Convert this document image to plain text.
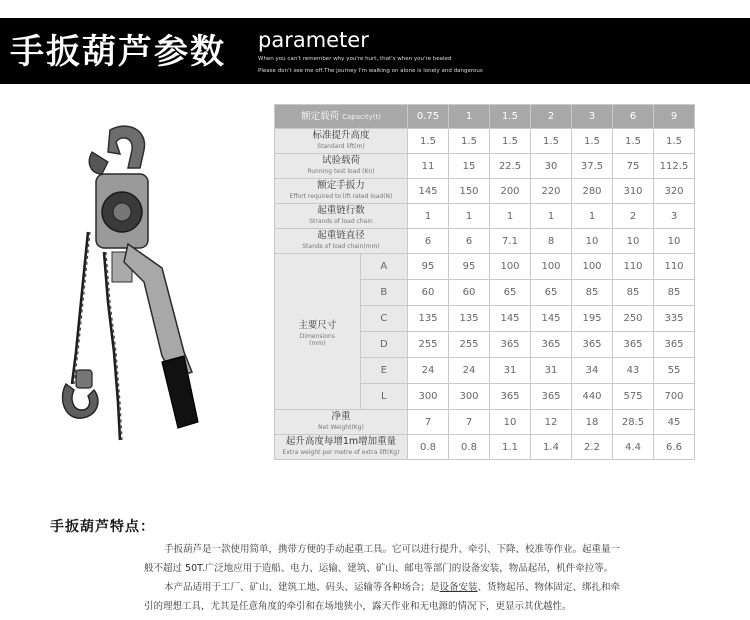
手扳葫芦参数 parameter
When you can't remember why you're hurt, that's when you're healed
Please don't see me off.The journey I'm walking on alone is lonely and dangerous
额定载荷 Capacity(t)		0.75	1	1.5	2	3	6	9

标准提升高度
Standard lift(m)		1.5	1.5	1.5	1.5	1.5	1.5	1.5

试验载荷
Running test load (Kn)		11	15	22.5	30	37.5	75	112.5

额定手扳力
Effort required to lift rated load(N)		145	150	200	220	280	310	320

起重链行数
Strands of load chain		1	1	1	1	1	2	3

起重链直径
Stands of load chain(mm)		6	6	7.1	8	10	10	10

主要尺寸
Dimensions
(mm)	A	95	95	100	100	100	110	110
	B	60	60	65	65	85	85	85
	C	135	135	145	145	195	250	335
	D	255	255	365	365	365	365	365
	E	24	24	31	31	34	43	55
	L	300	300	365	365	440	575	700

净重
Net Weight(Kg)		7	7	10	12	18	28.5	45

起升高度每增1m增加重量
Extra weight per metre of extra lift(Kg)		0.8	0.8	1.1	1.4	2.2	4.4	6.6
手扳葫芦特点：

手扳葫芦是一款使用简单，携带方便的手动起重工具。它可以进行提升、牵引、下降、校准等作业。起重量一

般不超过 50T.广泛地应用于造船、电力、运输、建筑、矿山、邮电等部门的设备安装，物品起吊，机件牵拉等。

本产品适用于工厂、矿山、建筑工地、码头、运输等各种场合；是设备安装、货物起吊、物体固定、绑扎和牵

引的理想工具，尤其是任意角度的牵引和在场地狭小，露天作业和无电源的情况下，更显示其优越性。
